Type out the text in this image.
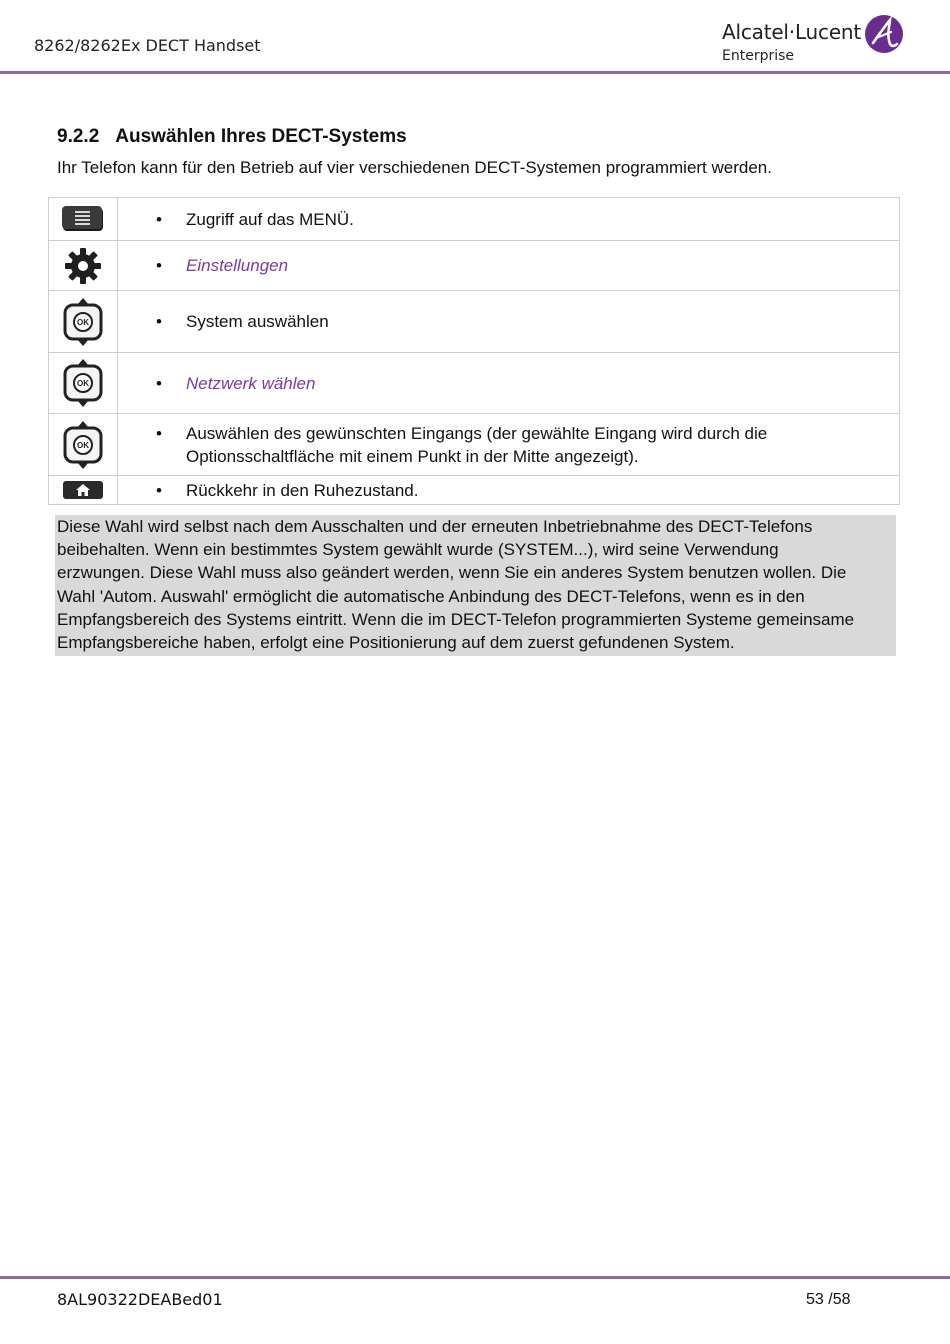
8262/8262Ex DECT Handset
Alcatel·Lucent
Enterprise
9.2.2 Auswählen Ihres DECT-Systems
Ihr Telefon kann für den Betrieb auf vier verschiedenen DECT-Systemen programmiert werden.

• Zugriff auf das MENÜ.

• Einstellungen

OK	• System auswählen

OK	• Netzwerk wählen

OK	• Auswählen des gewünschten Eingangs (der gewählte Eingang wird durch die
Optionsschaltfläche mit einem Punkt in der Mitte angezeigt).

• Rückkehr in den Ruhezustand.
Diese Wahl wird selbst nach dem Ausschalten und der erneuten Inbetriebnahme des DECT-Telefons
beibehalten. Wenn ein bestimmtes System gewählt wurde (SYSTEM...), wird seine Verwendung
erzwungen. Diese Wahl muss also geändert werden, wenn Sie ein anderes System benutzen wollen. Die
Wahl 'Autom. Auswahl' ermöglicht die automatische Anbindung des DECT-Telefons, wenn es in den
Empfangsbereich des Systems eintritt. Wenn die im DECT-Telefon programmierten Systeme gemeinsame
Empfangsbereiche haben, erfolgt eine Positionierung auf dem zuerst gefundenen System.
8AL90322DEABed01	53 /58
